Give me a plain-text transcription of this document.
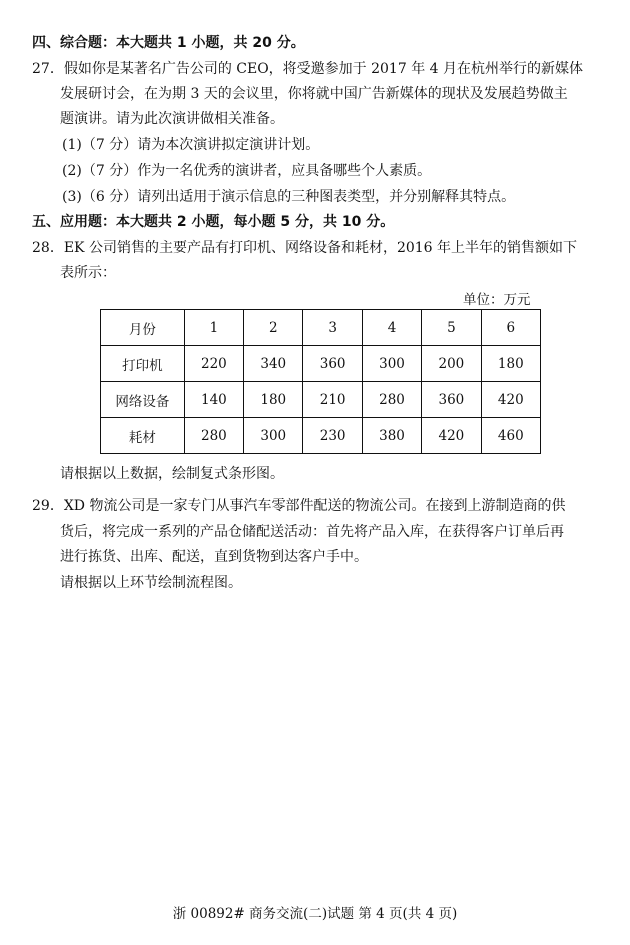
四、综合题：本大题共 1 小题，共 20 分。
27．假如你是某著名广告公司的 CEO，将受邀参加于 2017 年 4 月在杭州举行的新媒体
发展研讨会，在为期 3 天的会议里，你将就中国广告新媒体的现状及发展趋势做主
题演讲。请为此次演讲做相关准备。
(1)（7 分）请为本次演讲拟定演讲计划。
(2)（7 分）作为一名优秀的演讲者，应具备哪些个人素质。
(3)（6 分）请列出适用于演示信息的三种图表类型，并分别解释其特点。
五、应用题：本大题共 2 小题，每小题 5 分，共 10 分。
28．EK 公司销售的主要产品有打印机、网络设备和耗材，2016 年上半年的销售额如下
表所示：
单位：万元
月份	1	2	3	4	5	6
打印机	220	340	360	300	200	180
网络设备	140	180	210	280	360	420
耗材	280	300	230	380	420	460
请根据以上数据，绘制复式条形图。
29．XD 物流公司是一家专门从事汽车零部件配送的物流公司。在接到上游制造商的供
货后，将完成一系列的产品仓储配送活动：首先将产品入库，在获得客户订单后再
进行拣货、出库、配送，直到货物到达客户手中。
请根据以上环节绘制流程图。
浙 00892# 商务交流(二)试题 第 4 页(共 4 页)
